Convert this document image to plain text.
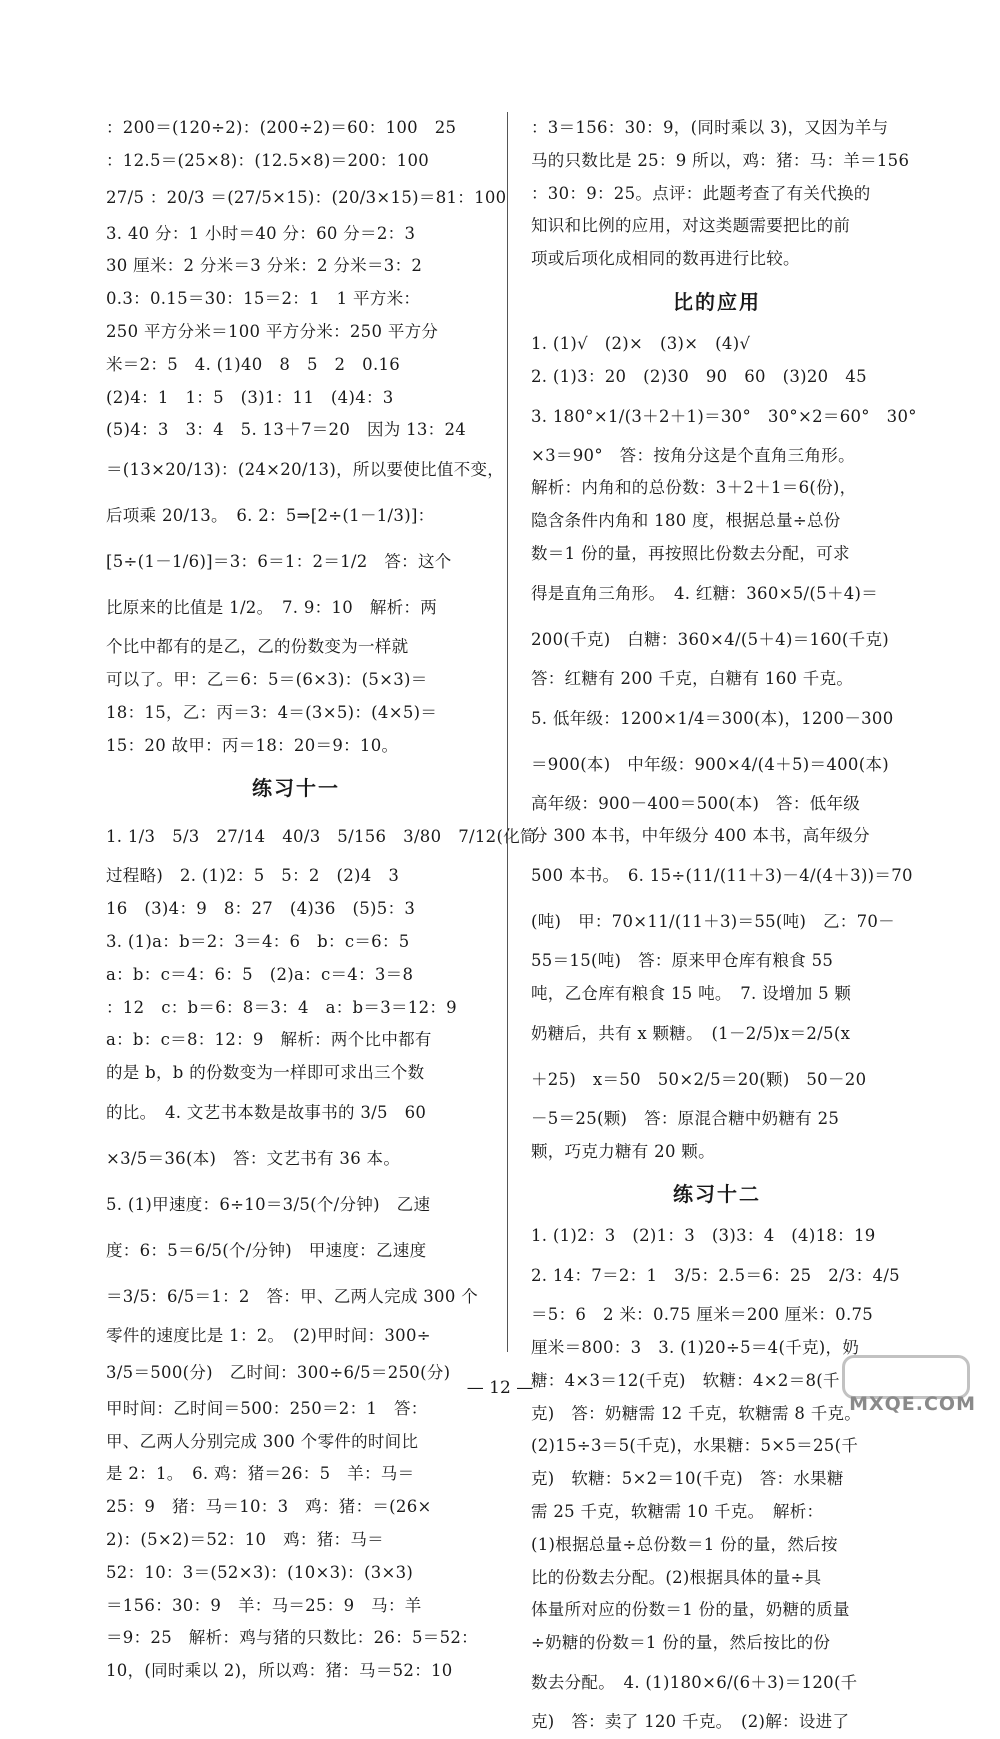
：200＝(120÷2)：(200÷2)＝60：100　25
：12.5＝(25×8)：(12.5×8)＝200：100
27/5 ：20/3 ＝(27/5×15)：(20/3×15)＝81：100
3. 40 分：1 小时＝40 分：60 分＝2：3
30 厘米：2 分米＝3 分米：2 分米＝3：2
0.3：0.15＝30：15＝2：1　1 平方米：
250 平方分米＝100 平方分米：250 平方分
米＝2：5　4. (1)40　8　5　2　0.16
(2)4：1　1：5　(3)1：11　(4)4：3
(5)4：3　3：4　5. 13＋7＝20　因为 13：24
＝(13×20/13)：(24×20/13)，所以要使比值不变，
后项乘 20/13。　6. 2：5⇒[2÷(1－1/3)]：
[5÷(1－1/6)]＝3：6＝1：2＝1/2　答：这个
比原来的比值是 1/2。　7. 9：10　解析：两
个比中都有的是乙，乙的份数变为一样就
可以了。甲：乙＝6：5＝(6×3)：(5×3)＝
18：15，乙：丙＝3：4＝(3×5)：(4×5)＝
15：20 故甲：丙＝18：20＝9：10。
练习十一
1. 1/3　5/3　27/14　40/3　5/156　3/80　7/12(化简
过程略)　2. (1)2：5　5：2　(2)4　3
16　(3)4：9　8：27　(4)36　(5)5：3
3. (1)a：b＝2：3＝4：6　b：c＝6：5
a：b：c＝4：6：5　(2)a：c＝4：3＝8
：12　c：b＝6：8＝3：4　a：b＝3＝12：9
a：b：c＝8：12：9　解析：两个比中都有
的是 b，b 的份数变为一样即可求出三个数
的比。　4. 文艺书本数是故事书的 3/5　60
×3/5＝36(本)　答：文艺书有 36 本。
5. (1)甲速度：6÷10＝3/5(个/分钟)　乙速
度：6：5＝6/5(个/分钟)　甲速度：乙速度
＝3/5：6/5＝1：2　答：甲、乙两人完成 300 个
零件的速度比是 1：2。　(2)甲时间：300÷
3/5＝500(分)　乙时间：300÷6/5＝250(分)
甲时间：乙时间＝500：250＝2：1　答：
甲、乙两人分别完成 300 个零件的时间比
是 2：1。　6. 鸡：猪＝26：5　羊：马＝
25：9　猪：马＝10：3　鸡：猪：＝(26×
2)：(5×2)＝52：10　鸡：猪：马＝
52：10：3＝(52×3)：(10×3)：(3×3)
＝156：30：9　羊：马＝25：9　马：羊
＝9：25　解析：鸡与猪的只数比：26：5＝52：
10，(同时乘以 2)，所以鸡：猪：马＝52：10
：3＝156：30：9，(同时乘以 3)，又因为羊与
马的只数比是 25：9 所以，鸡：猪：马：羊＝156
：30：9：25。点评：此题考查了有关代换的
知识和比例的应用，对这类题需要把比的前
项或后项化成相同的数再进行比较。
比的应用
1. (1)√　(2)×　(3)×　(4)√
2. (1)3：20　(2)30　90　60　(3)20　45
3. 180°×1/(3＋2＋1)＝30°　30°×2＝60°　30°
×3＝90°　答：按角分这是个直角三角形。
解析：内角和的总份数：3＋2＋1＝6(份)，
隐含条件内角和 180 度，根据总量÷总份
数＝1 份的量，再按照比份数去分配，可求
得是直角三角形。　4. 红糖：360×5/(5＋4)＝
200(千克)　白糖：360×4/(5＋4)＝160(千克)
答：红糖有 200 千克，白糖有 160 千克。
5. 低年级：1200×1/4＝300(本)，1200－300
＝900(本)　中年级：900×4/(4＋5)＝400(本)
高年级：900－400＝500(本)　答：低年级
分 300 本书，中年级分 400 本书，高年级分
500 本书。　6. 15÷(11/(11＋3)－4/(4＋3))＝70
(吨)　甲：70×11/(11＋3)＝55(吨)　乙：70－
55＝15(吨)　答：原来甲仓库有粮食 55
吨，乙仓库有粮食 15 吨。　7. 设增加 5 颗
奶糖后，共有 x 颗糖。　(1－2/5)x＝2/5(x
＋25)　x＝50　50×2/5＝20(颗)　50－20
－5＝25(颗)　答：原混合糖中奶糖有 25
颗，巧克力糖有 20 颗。
练习十二
1. (1)2：3　(2)1：3　(3)3：4　(4)18：19
2. 14：7＝2：1　3/5：2.5＝6：25　2/3：4/5
＝5：6　2 米：0.75 厘米＝200 厘米：0.75
厘米＝800：3　3. (1)20÷5＝4(千克)，奶
糖：4×3＝12(千克)　软糖：4×2＝8(千
克)　答：奶糖需 12 千克，软糖需 8 千克。
(2)15÷3＝5(千克)，水果糖：5×5＝25(千
克)　软糖：5×2＝10(千克)　答：水果糖
需 25 千克，软糖需 10 千克。　解析：
(1)根据总量÷总份数＝1 份的量，然后按
比的份数去分配。(2)根据具体的量÷具
体量所对应的份数＝1 份的量，奶糖的质量
÷奶糖的份数＝1 份的量，然后按比的份
数去分配。　4. (1)180×6/(6＋3)＝120(千
克)　答：卖了 120 千克。　(2)解：设进了
— 12 —
MXQE.COM
